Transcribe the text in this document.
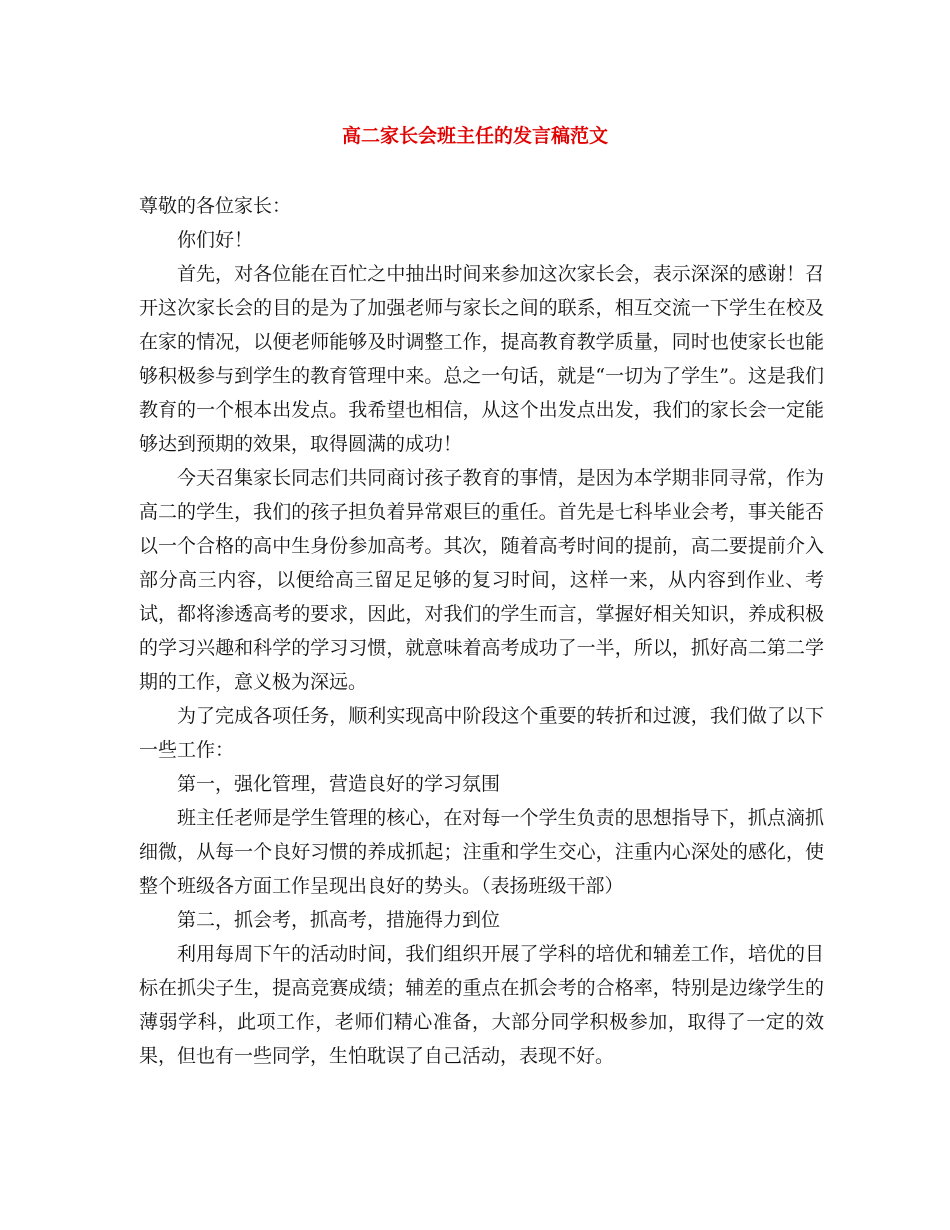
高二家长会班主任的发言稿范文

尊敬的各位家长：

你们好！

首先，对各位能在百忙之中抽出时间来参加这次家长会，表示深深的感谢！召开这次家长会的目的是为了加强老师与家长之间的联系，相互交流一下学生在校及在家的情况，以便老师能够及时调整工作，提高教育教学质量，同时也使家长也能够积极参与到学生的教育管理中来。总之一句话，就是“一切为了学生”。这是我们教育的一个根本出发点。我希望也相信，从这个出发点出发，我们的家长会一定能够达到预期的效果，取得圆满的成功！

今天召集家长同志们共同商讨孩子教育的事情，是因为本学期非同寻常，作为高二的学生，我们的孩子担负着异常艰巨的重任。首先是七科毕业会考，事关能否以一个合格的高中生身份参加高考。其次，随着高考时间的提前，高二要提前介入部分高三内容，以便给高三留足足够的复习时间，这样一来，从内容到作业、考试，都将渗透高考的要求，因此，对我们的学生而言，掌握好相关知识，养成积极的学习兴趣和科学的学习习惯，就意味着高考成功了一半，所以，抓好高二第二学期的工作，意义极为深远。

为了完成各项任务，顺利实现高中阶段这个重要的转折和过渡，我们做了以下一些工作：

第一，强化管理，营造良好的学习氛围

班主任老师是学生管理的核心，在对每一个学生负责的思想指导下，抓点滴抓细微，从每一个良好习惯的养成抓起；注重和学生交心，注重内心深处的感化，使整个班级各方面工作呈现出良好的势头。（表扬班级干部）

第二，抓会考，抓高考，措施得力到位

利用每周下午的活动时间，我们组织开展了学科的培优和辅差工作，培优的目标在抓尖子生，提高竞赛成绩；辅差的重点在抓会考的合格率，特别是边缘学生的薄弱学科，此项工作，老师们精心准备，大部分同学积极参加，取得了一定的效果，但也有一些同学，生怕耽误了自己活动，表现不好。
